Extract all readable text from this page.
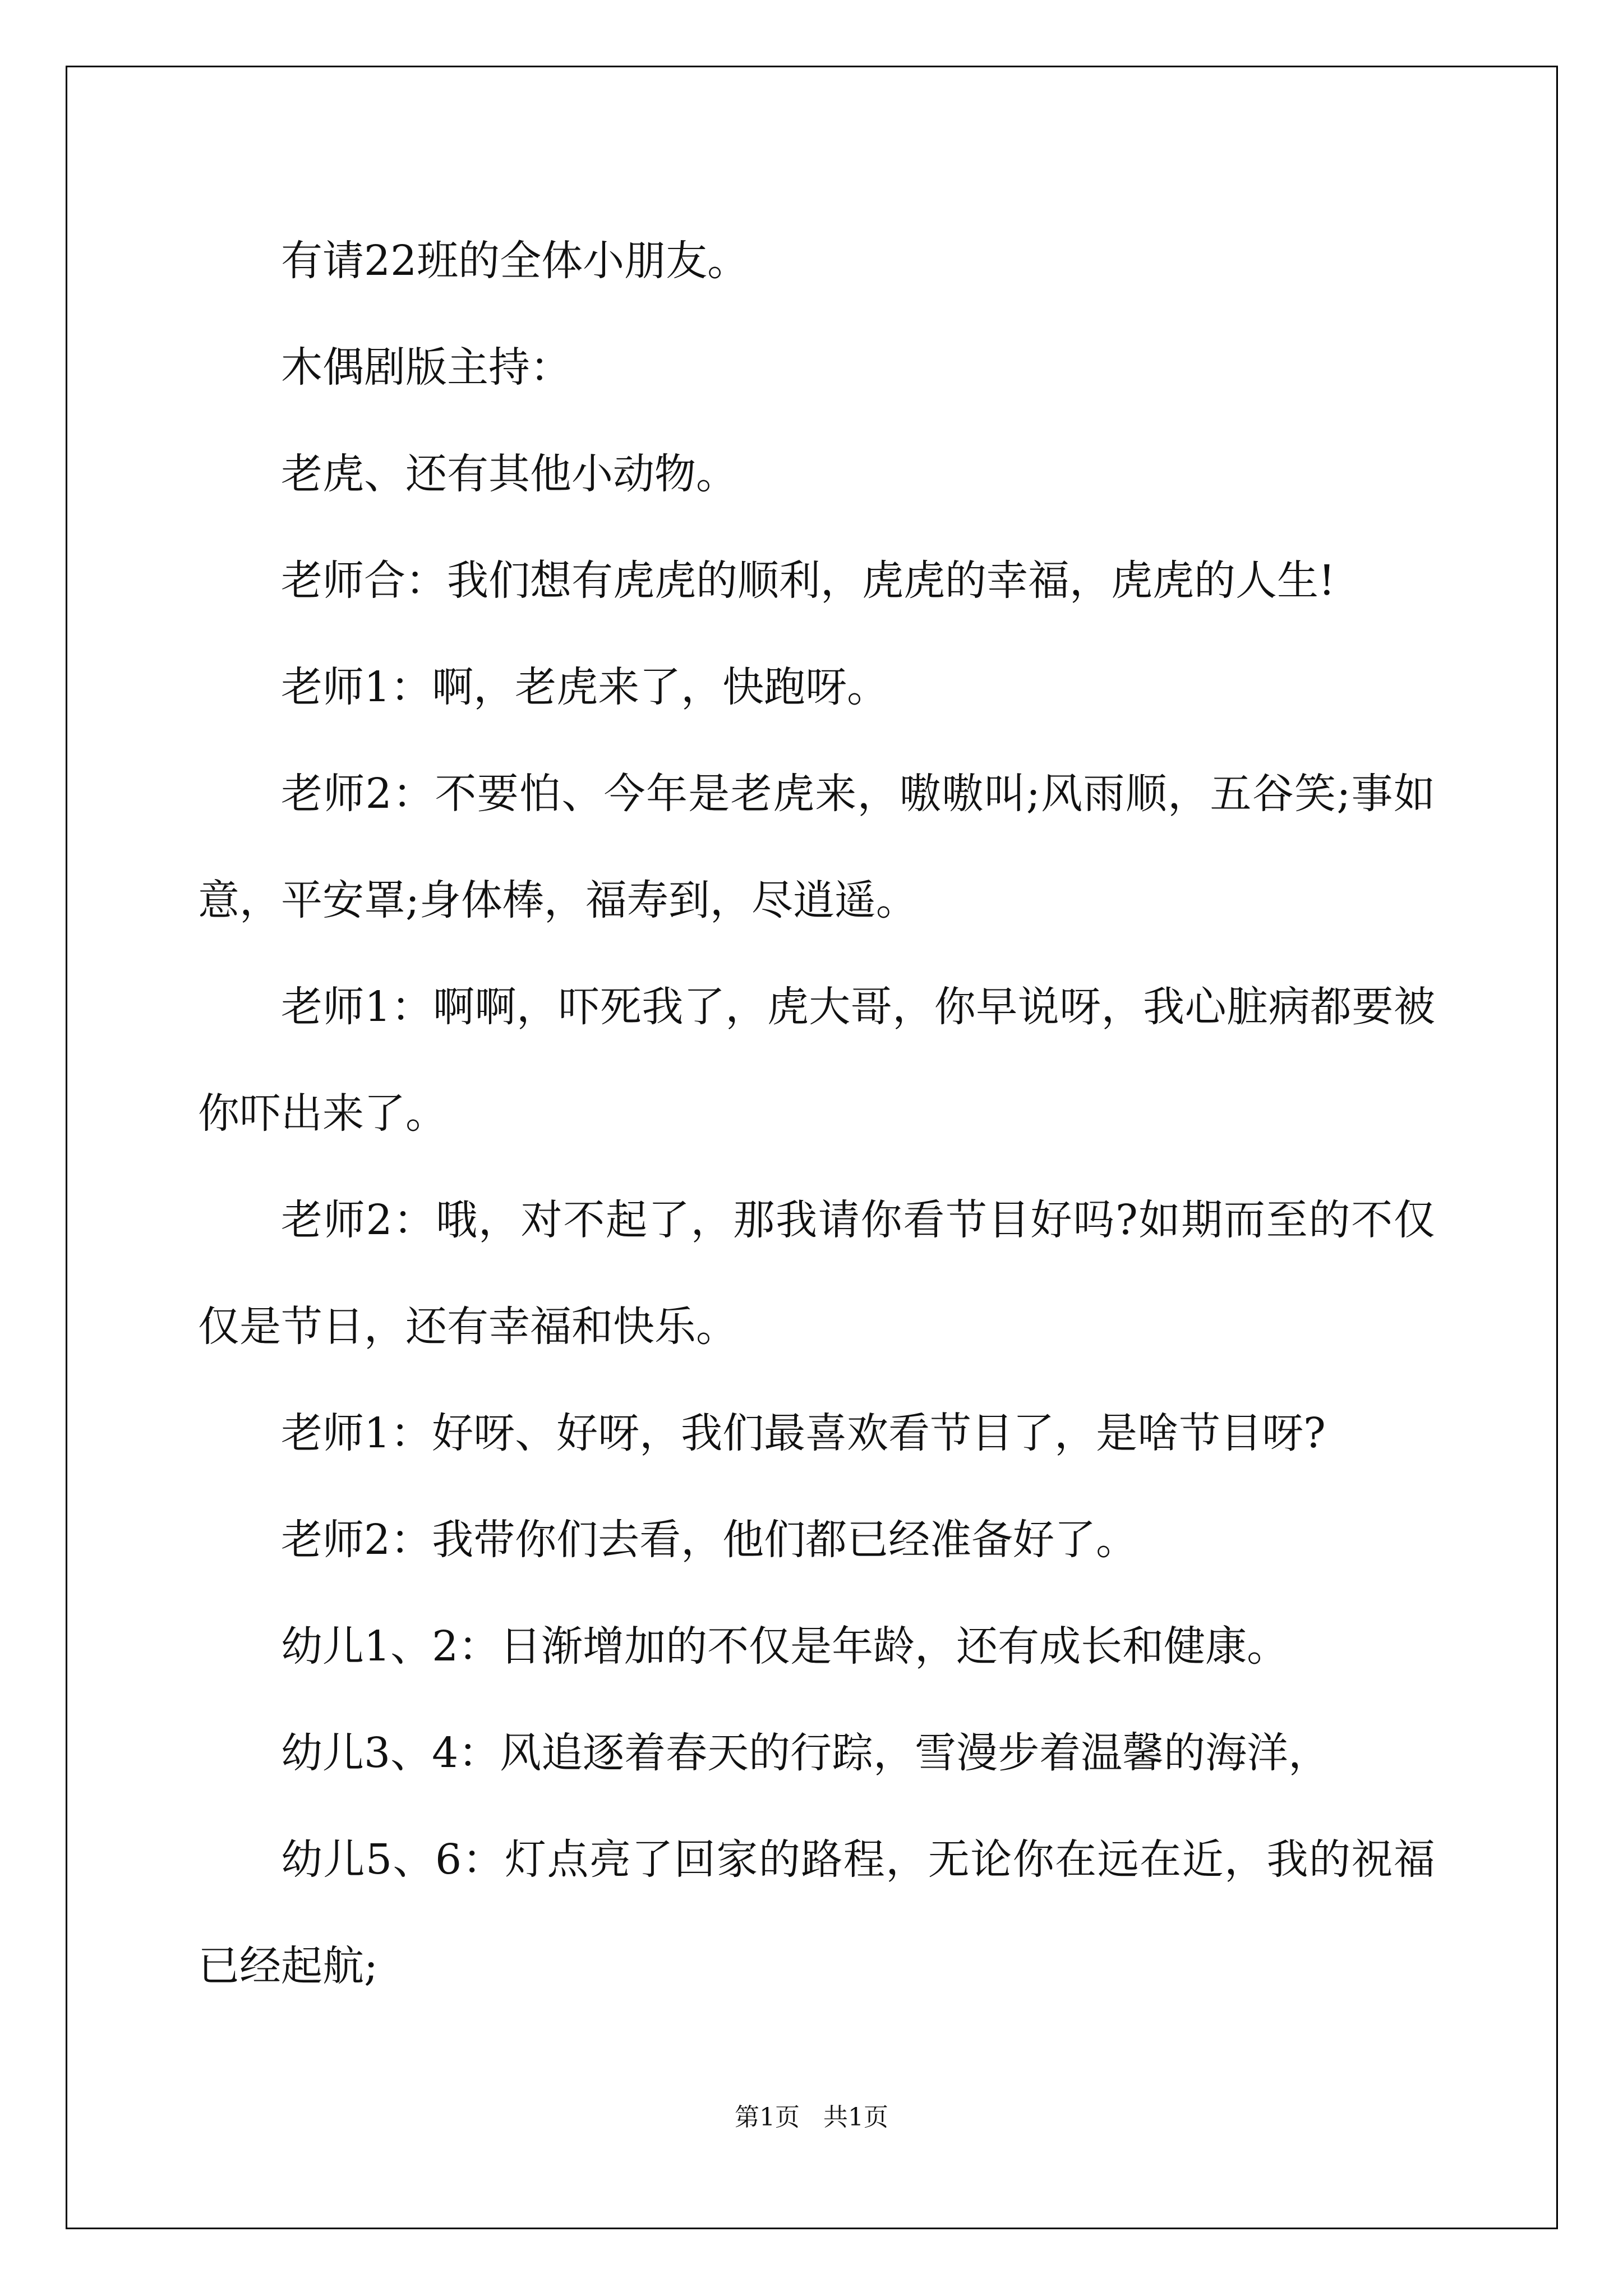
有请22班的全体小朋友。

木偶剧版主持：

老虎、还有其他小动物。

老师合：我们想有虎虎的顺利，虎虎的幸福，虎虎的人生!

老师1：啊，老虎来了，快跑呀。

老师2：不要怕、今年是老虎来，嗷嗷叫;风雨顺，五谷笑;事如意，平安罩;身体棒，福寿到，尽逍遥。

老师1：啊啊，吓死我了，虎大哥，你早说呀，我心脏病都要被你吓出来了。

老师2：哦，对不起了，那我请你看节目好吗?如期而至的不仅仅是节日，还有幸福和快乐。

老师1：好呀、好呀，我们最喜欢看节目了，是啥节目呀?

老师2：我带你们去看，他们都已经准备好了。

幼儿1、2：日渐增加的不仅是年龄，还有成长和健康。

幼儿3、4：风追逐着春天的行踪，雪漫步着温馨的海洋，

幼儿5、6：灯点亮了回家的路程，无论你在远在近，我的祝福已经起航;

第1页 共1页
